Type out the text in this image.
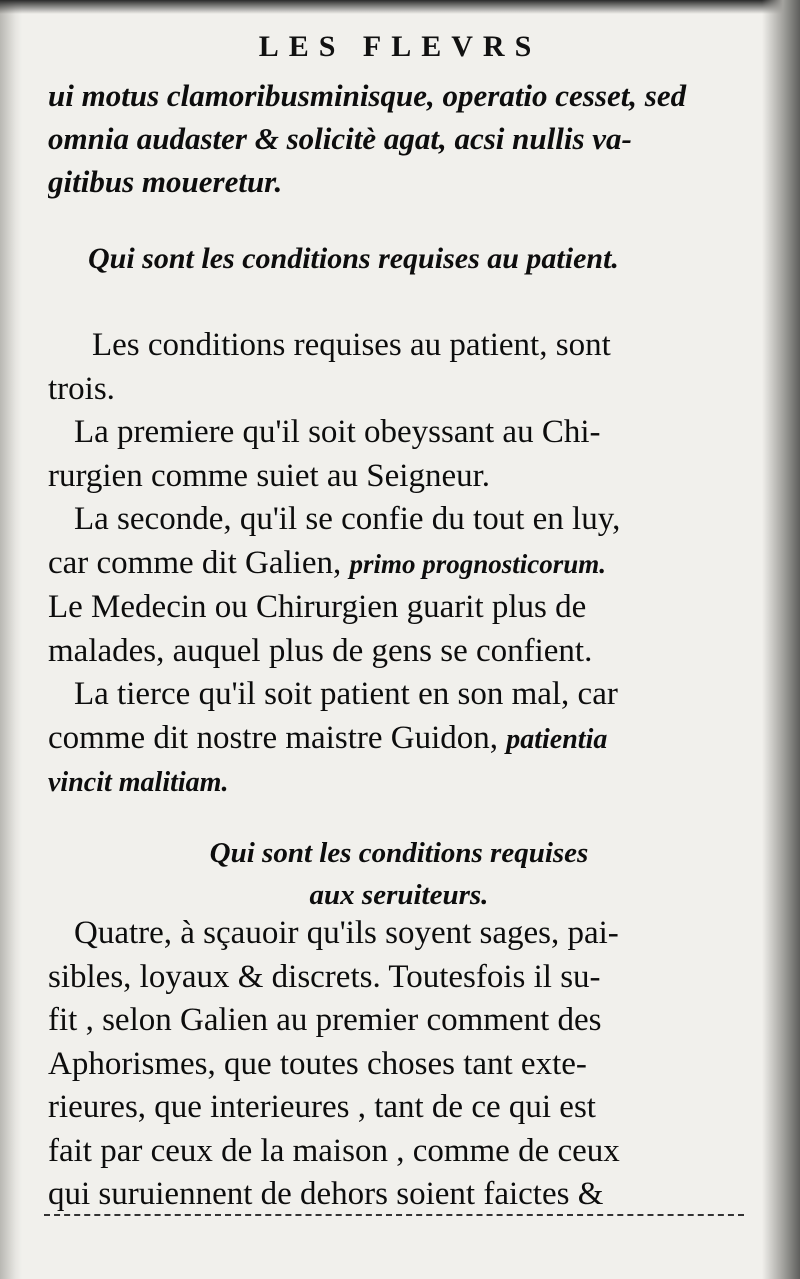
LES FLEVRS
ui motus clamoribusminisque, operatio cesset, sed
omnia audaster & solicitè agat, acsi nullis va-
gitibus moueretur.
Qui sont les conditions requises au patient.
Les conditions requises au patient, sont
trois.
La premiere qu'il soit obeyssant au Chi-
rurgien comme suiet au Seigneur.
La seconde, qu'il se confie du tout en luy,
car comme dit Galien, primo prognosticorum.
Le Medecin ou Chirurgien guarit plus de
malades, auquel plus de gens se confient.
La tierce qu'il soit patient en son mal, car
comme dit nostre maistre Guidon, patientia
vincit malitiam.
Qui sont les conditions requises
aux seruiteurs.
Quatre, à sçauoir qu'ils soyent sages, pai-
sibles, loyaux & discrets. Toutesfois il su-
fit , selon Galien au premier comment des
Aphorismes, que toutes choses tant exte-
rieures, que interieures , tant de ce qui est
fait par ceux de la maison , comme de ceux
qui suruiennent de dehors soient faictes &
